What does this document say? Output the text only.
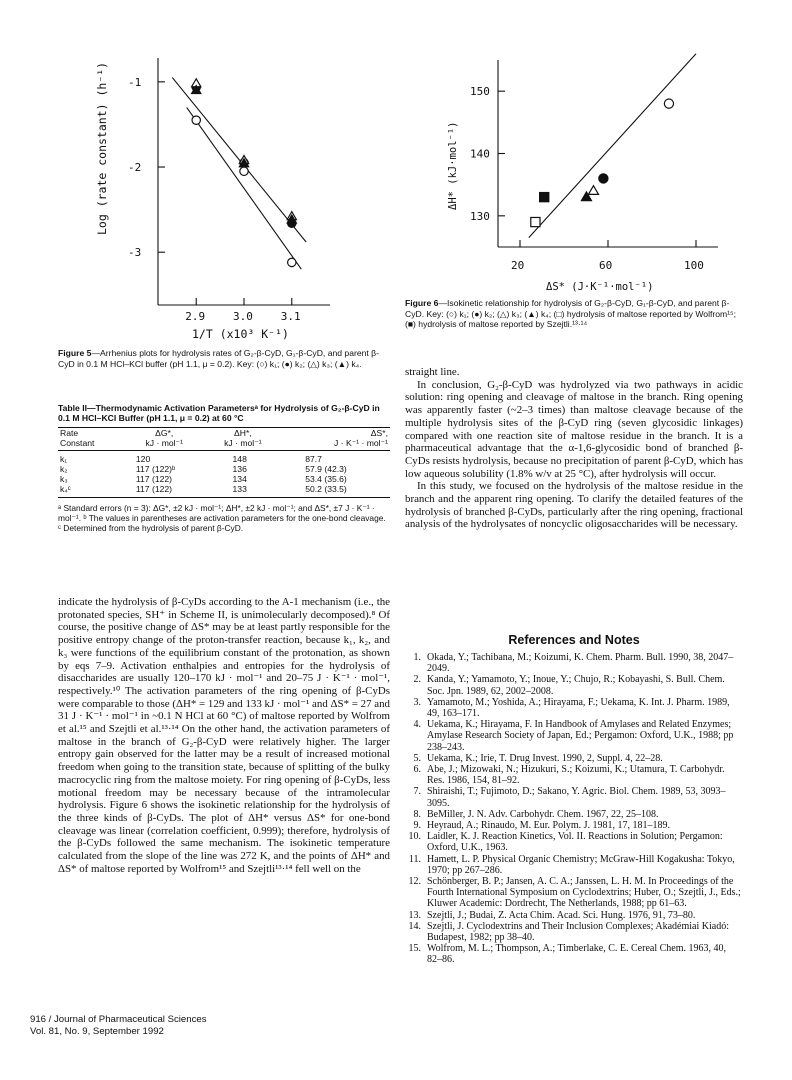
-1
-2
-3
2.9	3.0	3.1
Log (rate constant) (h⁻¹)
1/T (x10³ K⁻¹)
Figure 5—Arrhenius plots for hydrolysis rates of G₂-β-CyD, G₁-β-CyD, and parent β-CyD in 0.1 M HCl–KCl buffer (pH 1.1, μ = 0.2). Key: (○) k₁; (●) k₂; (△) k₃; (▲) k₄.
Table II—Thermodynamic Activation Parametersᵃ for Hydrolysis of G₂-β-CyD in 0.1 M HCl–KCl Buffer (pH 1.1, μ = 0.2) at 60 °C
Rate	ΔG*,	ΔH*,	ΔS*,
Constant	kJ · mol⁻¹	kJ · mol⁻¹	J · K⁻¹ · mol⁻¹
k₁	120	148	87.7
k₂	117 (122)ᵇ	136	57.9 (42.3)
k₃	117 (122)	134	53.4 (35.6)
k₄ᶜ	117 (122)	133	50.2 (33.5)
ᵃ Standard errors (n = 3): ΔG*, ±2 kJ · mol⁻¹; ΔH*, ±2 kJ · mol⁻¹; and ΔS*, ±7 J · K⁻¹ · mol⁻¹. ᵇ The values in parentheses are activation parameters for the one-bond cleavage. ᶜ Determined from the hydrolysis of parent β-CyD.

indicate the hydrolysis of β-CyDs according to the A-1 mechanism (i.e., the protonated species, SH⁺ in Scheme II, is unimolecularly decomposed).⁸ Of course, the positive change of ΔS* may be at least partly responsible for the positive entropy change of the proton-transfer reaction, because k₁, k₂, and k₃ were functions of the equilibrium constant of the protonation, as shown by eqs 7–9. Activation enthalpies and entropies for the hydrolysis of disaccharides are usually 120–170 kJ · mol⁻¹ and 20–75 J · K⁻¹ · mol⁻¹, respectively.¹⁰ The activation parameters of the ring opening of β-CyDs were comparable to those (ΔH* = 129 and 133 kJ · mol⁻¹ and ΔS* = 27 and 31 J · K⁻¹ · mol⁻¹ in ~0.1 N HCl at 60 °C) of maltose reported by Wolfrom et al.¹⁵ and Szejtli et al.¹³·¹⁴ On the other hand, the activation parameters of maltose in the branch of G₂-β-CyD were relatively higher. The larger entropy gain observed for the latter may be a result of increased motional freedom when going to the transition state, because of splitting of the bulky macrocyclic ring from the maltose moiety. For ring opening of β-CyDs, less motional freedom may be necessary because of the intramolecular hydrolysis. Figure 6 shows the isokinetic relationship for the hydrolysis of the three kinds of β-CyDs. The plot of ΔH* versus ΔS* for one-bond cleavage was linear (correlation coefficient, 0.999); therefore, hydrolysis of the β-CyDs followed the same mechanism. The isokinetic temperature calculated from the slope of the line was 272 K, and the points of ΔH* and ΔS* of maltose reported by Wolfrom¹⁵ and Szejtli¹³·¹⁴ fell well on the

150
140
130
20	60	100
ΔH* (kJ·mol⁻¹)
ΔS* (J·K⁻¹·mol⁻¹)
Figure 6—Isokinetic relationship for hydrolysis of G₂-β-CyD, G₁-β-CyD, and parent β-CyD. Key: (○) k₁; (●) k₂; (△) k₃; (▲) k₄; (□) hydrolysis of maltose reported by Wolfrom¹⁵; (■) hydrolysis of maltose reported by Szejtli.¹³·¹⁴

straight line.

In conclusion, G₂-β-CyD was hydrolyzed via two pathways in acidic solution: ring opening and cleavage of maltose in the branch. Ring opening was apparently faster (~2–3 times) than maltose cleavage because of the multiple hydrolysis sites of the β-CyD ring (seven glycosidic linkages) compared with one reaction site of maltose residue in the branch. It is a pharmaceutical advantage that the α-1,6-glycosidic bond of branched β-CyDs resists hydrolysis, because no precipitation of parent β-CyD, which has low aqueous solubility (1.8% w/v at 25 °C), after hydrolysis will occur.

In this study, we focused on the hydrolysis of the maltose residue in the branch and the apparent ring opening. To clarify the detailed features of the hydrolysis of branched β-CyDs, particularly after the ring opening, fractional analysis of the hydrolysates of noncyclic oligosaccharides will be necessary.

References and Notes
1. Okada, Y.; Tachibana, M.; Koizumi, K. Chem. Pharm. Bull. 1990, 38, 2047–2049.
2. Kanda, Y.; Yamamoto, Y.; Inoue, Y.; Chujo, R.; Kobayashi, S. Bull. Chem. Soc. Jpn. 1989, 62, 2002–2008.
3. Yamamoto, M.; Yoshida, A.; Hirayama, F.; Uekama, K. Int. J. Pharm. 1989, 49, 163–171.
4. Uekama, K.; Hirayama, F. In Handbook of Amylases and Related Enzymes; Amylase Research Society of Japan, Ed.; Pergamon: Oxford, U.K., 1988; pp 238–243.
5. Uekama, K.; Irie, T. Drug Invest. 1990, 2, Suppl. 4, 22–28.
6. Abe, J.; Mizowaki, N.; Hizukuri, S.; Koizumi, K.; Utamura, T. Carbohydr. Res. 1986, 154, 81–92.
7. Shiraishi, T.; Fujimoto, D.; Sakano, Y. Agric. Biol. Chem. 1989, 53, 3093–3095.
8. BeMiller, J. N. Adv. Carbohydr. Chem. 1967, 22, 25–108.
9. Heyraud, A.; Rinaudo, M. Eur. Polym. J. 1981, 17, 181–189.
10. Laidler, K. J. Reaction Kinetics, Vol. II. Reactions in Solution; Pergamon: Oxford, U.K., 1963.
11. Hamett, L. P. Physical Organic Chemistry; McGraw-Hill Kogakusha: Tokyo, 1970; pp 267–286.
12. Schönberger, B. P.; Jansen, A. C. A.; Janssen, L. H. M. In Proceedings of the Fourth International Symposium on Cyclodextrins; Huber, O.; Szejtli, J., Eds.; Kluwer Academic: Dordrecht, The Netherlands, 1988; pp 61–63.
13. Szejtli, J.; Budai, Z. Acta Chim. Acad. Sci. Hung. 1976, 91, 73–80.
14. Szejtli, J. Cyclodextrins and Their Inclusion Complexes; Akadémiai Kiadó: Budapest, 1982; pp 38–40.
15. Wolfrom, M. L.; Thompson, A.; Timberlake, C. E. Cereal Chem. 1963, 40, 82–86.
916 / Journal of Pharmaceutical Sciences
Vol. 81, No. 9, September 1992
